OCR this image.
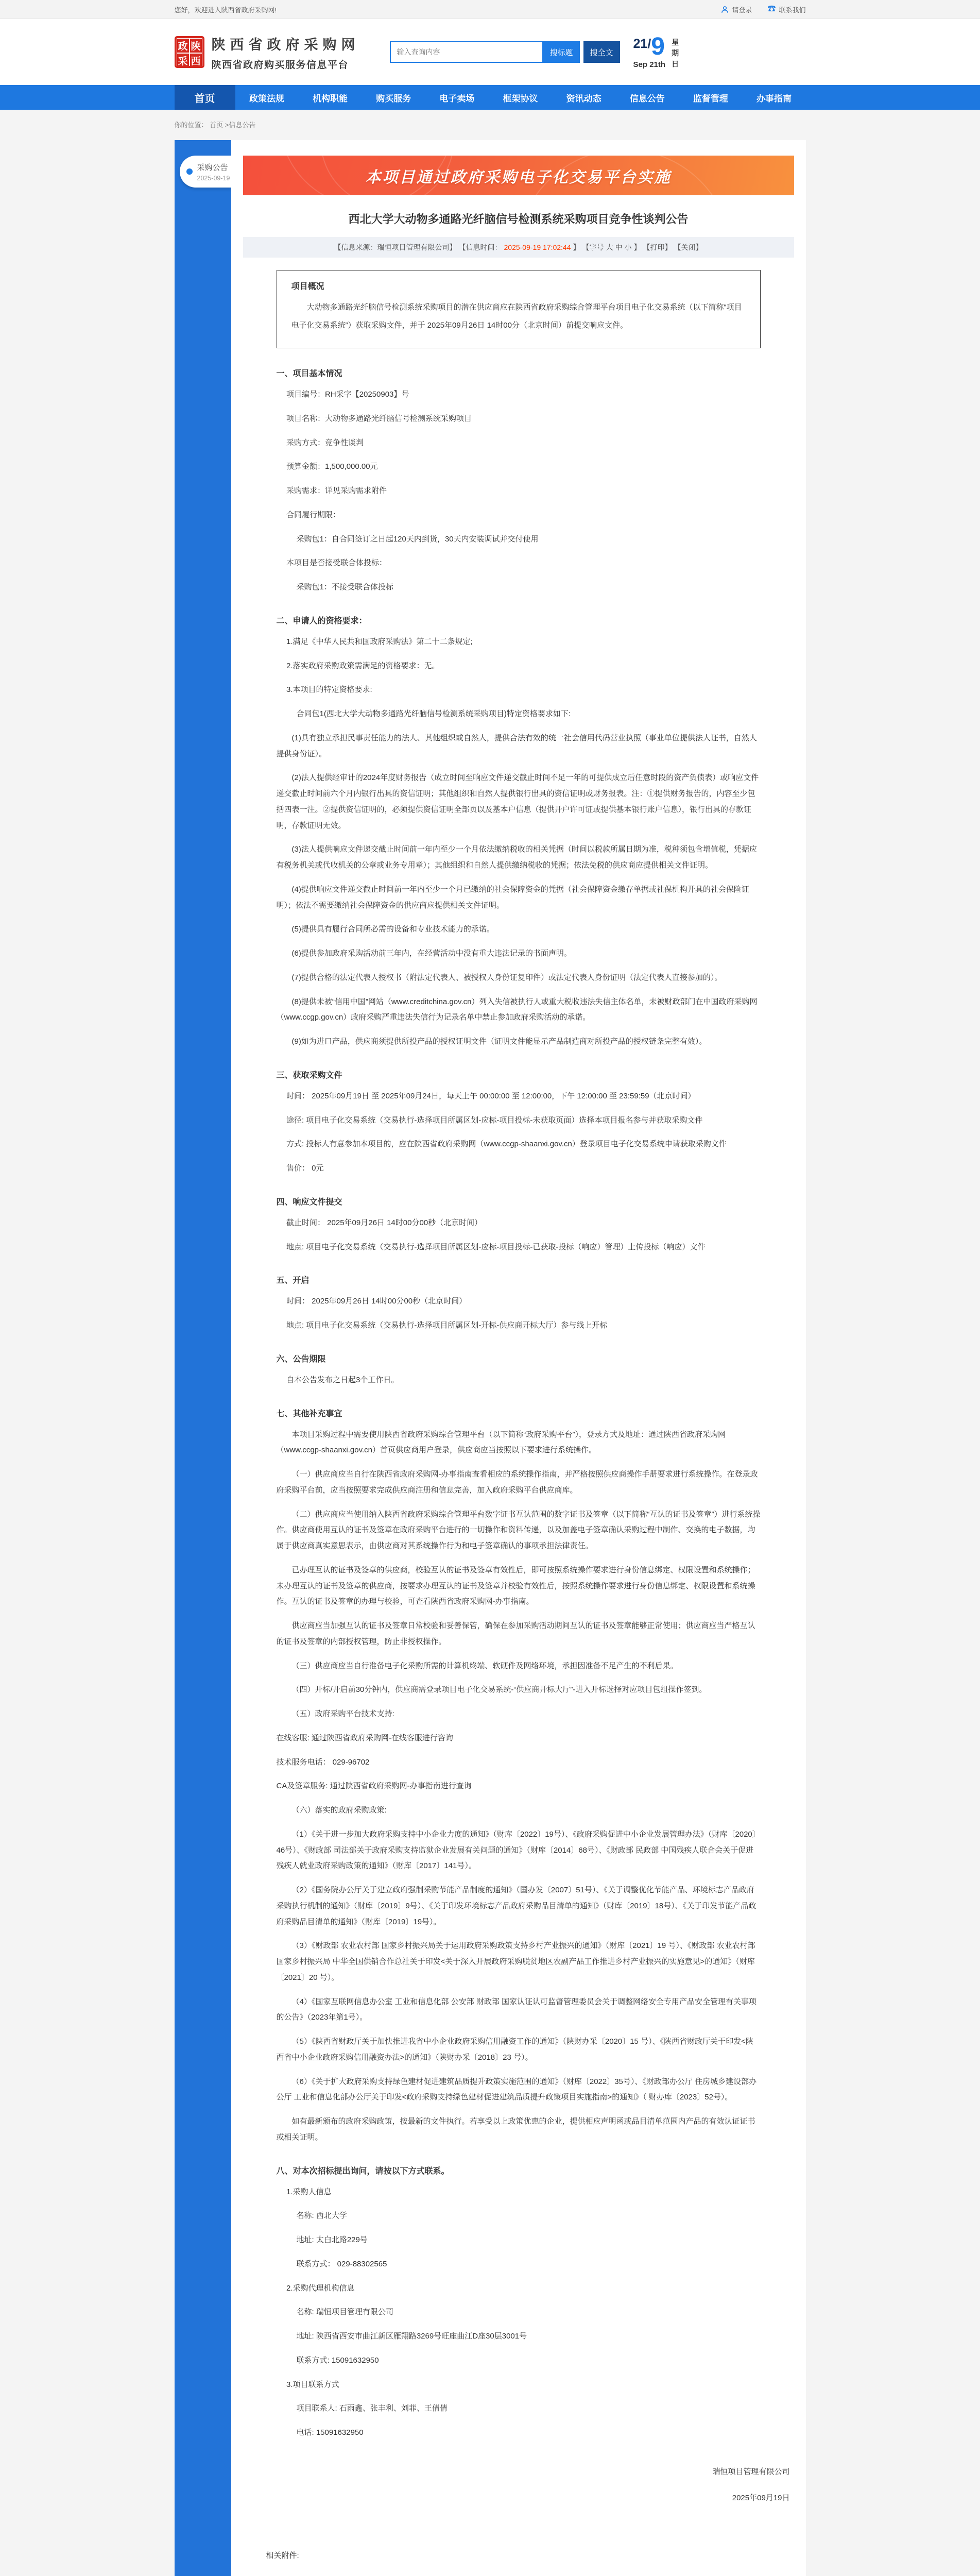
您好，欢迎进入陕西省政府采购网!	请登录 ☎ 联系我们
政 陕
采 西
陕西省政府采购网
陕西省政府购买服务信息平台
输入查询内容
搜标题	搜全文
21 / 9
Sep 21th
星期日
首页	政策法规	机构职能	购买服务	电子卖场	框架协议	资讯动态	信息公告	监督管理	办事指南
你的位置： 首页 >信息公告
采购公告
2025-09-19	本项目通过政府采购电子化交易平台实施
西北大学大动物多通路光纤脑信号检测系统采购项目竞争性谈判公告
【信息来源：瑞恒项目管理有限公司】 【信息时间： 2025-09-19 17:02:44 】 【字号 大 中 小 】 【打印】 【关闭】
项目概况

大动物多通路光纤脑信号检测系统采购项目的潜在供应商应在陕西省政府采购综合管理平台项目电子化交易系统（以下简称“项目电子化交易系统”）获取采购文件，并于 2025年09月26日 14时00分（北京时间）前提交响应文件。

一、项目基本情况

项目编号：RH采字【20250903】号

项目名称：大动物多通路光纤脑信号检测系统采购项目

采购方式：竞争性谈判

预算金额：1,500,000.00元

采购需求：详见采购需求附件

合同履行期限：

采购包1：自合同签订之日起120天内到货，30天内安装调试并交付使用

本项目是否接受联合体投标：

采购包1：不接受联合体投标

二、申请人的资格要求：

1.满足《中华人民共和国政府采购法》第二十二条规定;

2.落实政府采购政策需满足的资格要求：无。

3.本项目的特定资格要求:

合同包1(西北大学大动物多通路光纤脑信号检测系统采购项目)特定资格要求如下:

(1)具有独立承担民事责任能力的法人、其他组织或自然人，提供合法有效的统一社会信用代码营业执照（事业单位提供法人证书，自然人提供身份证）。

(2)法人提供经审计的2024年度财务报告（成立时间至响应文件递交截止时间不足一年的可提供成立后任意时段的资产负债表）或响应文件递交截止时间前六个月内银行出具的资信证明；其他组织和自然人提供银行出具的资信证明或财务报表。注：①提供财务报告的，内容至少包括四表一注。②提供资信证明的，必须提供资信证明全部页以及基本户信息（提供开户许可证或提供基本银行账户信息），银行出具的存款证明，存款证明无效。

(3)法人提供响应文件递交截止时间前一年内至少一个月依法缴纳税收的相关凭据（时间以税款所属日期为准，税种须包含增值税，凭据应有税务机关或代收机关的公章或业务专用章）；其他组织和自然人提供缴纳税收的凭据；依法免税的供应商应提供相关文件证明。

(4)提供响应文件递交截止时间前一年内至少一个月已缴纳的社会保障资金的凭据（社会保障资金缴存单据或社保机构开具的社会保险证明）；依法不需要缴纳社会保障资金的供应商应提供相关文件证明。

(5)提供具有履行合同所必需的设备和专业技术能力的承诺。

(6)提供参加政府采购活动前三年内，在经营活动中没有重大违法记录的书面声明。

(7)提供合格的法定代表人授权书（附法定代表人、被授权人身份证复印件）或法定代表人身份证明（法定代表人直接参加的）。

(8)提供未被“信用中国”网站（www.creditchina.gov.cn）列入失信被执行人或重大税收违法失信主体名单，未被财政部门在中国政府采购网（www.ccgp.gov.cn）政府采购严重违法失信行为记录名单中禁止参加政府采购活动的承诺。

(9)如为进口产品，供应商须提供所投产品的授权证明文件（证明文件能显示产品制造商对所投产品的授权链条完整有效）。

三、获取采购文件

时间： 2025年09月19日 至 2025年09月24日，每天上午 00:00:00 至 12:00:00，下午 12:00:00 至 23:59:59（北京时间）

途径: 项目电子化交易系统（交易执行-选择项目所属区划-应标-项目投标-未获取页面）选择本项目报名参与并获取采购文件

方式: 投标人有意参加本项目的，应在陕西省政府采购网（www.ccgp-shaanxi.gov.cn）登录项目电子化交易系统申请获取采购文件

售价： 0元

四、响应文件提交

截止时间： 2025年09月26日 14时00分00秒（北京时间）

地点: 项目电子化交易系统（交易执行-选择项目所属区划-应标-项目投标-已获取-投标（响应）管理）上传投标（响应）文件

五、开启

时间： 2025年09月26日 14时00分00秒（北京时间）

地点: 项目电子化交易系统（交易执行-选择项目所属区划-开标-供应商开标大厅）参与线上开标

六、公告期限

自本公告发布之日起3个工作日。

七、其他补充事宜

本项目采购过程中需要使用陕西省政府采购综合管理平台（以下简称“政府采购平台”），登录方式及地址：通过陕西省政府采购网（www.ccgp-shaanxi.gov.cn）首页供应商用户登录，供应商应当按照以下要求进行系统操作。

（一）供应商应当自行在陕西省政府采购网-办事指南查看相应的系统操作指南，并严格按照供应商操作手册要求进行系统操作。在登录政府采购平台前，应当按照要求完成供应商注册和信息完善，加入政府采购平台供应商库。

（二）供应商应当使用纳入陕西省政府采购综合管理平台数字证书互认范围的数字证书及签章（以下简称“互认的证书及签章”）进行系统操作。供应商使用互认的证书及签章在政府采购平台进行的一切操作和资料传递，以及加盖电子签章确认采购过程中制作、交换的电子数据，均属于供应商真实意思表示，由供应商对其系统操作行为和电子签章确认的事项承担法律责任。

已办理互认的证书及签章的供应商，校验互认的证书及签章有效性后，即可按照系统操作要求进行身份信息绑定、权限设置和系统操作；未办理互认的证书及签章的供应商，按要求办理互认的证书及签章并校验有效性后，按照系统操作要求进行身份信息绑定、权限设置和系统操作。互认的证书及签章的办理与校验，可查看陕西省政府采购网-办事指南。

供应商应当加强互认的证书及签章日常校验和妥善保管，确保在参加采购活动期间互认的证书及签章能够正常使用；供应商应当严格互认的证书及签章的内部授权管理，防止非授权操作。

（三）供应商应当自行准备电子化采购所需的计算机终端、软硬件及网络环境，承担因准备不足产生的不利后果。

（四）开标/开启前30分钟内，供应商需登录项目电子化交易系统-“供应商开标大厅”-进入开标选择对应项目包组操作签到。

（五）政府采购平台技术支持:

在线客服: 通过陕西省政府采购网-在线客服进行咨询

技术服务电话： 029-96702

CA及签章服务: 通过陕西省政府采购网-办事指南进行查询

（六）落实的政府采购政策:

（1）《关于进一步加大政府采购支持中小企业力度的通知》（财库〔2022〕19号）、《政府采购促进中小企业发展管理办法》（财库〔2020〕46号）、《财政部 司法部关于政府采购支持监狱企业发展有关问题的通知》（财库〔2014〕68号）、《财政部 民政部 中国残疾人联合会关于促进残疾人就业政府采购政策的通知》（财库〔2017〕141号）。

（2）《国务院办公厅关于建立政府强制采购节能产品制度的通知》（国办发〔2007〕51号）、《关于调整优化节能产品、环境标志产品政府采购执行机制的通知》（财库〔2019〕9号）、《关于印发环境标志产品政府采购品目清单的通知》（财库〔2019〕18号）、《关于印发节能产品政府采购品目清单的通知》（财库〔2019〕19号）。

（3）《财政部 农业农村部 国家乡村振兴局关于运用政府采购政策支持乡村产业振兴的通知》（财库〔2021〕19 号）、《财政部 农业农村部 国家乡村振兴局 中华全国供销合作总社关于印发<关于深入开展政府采购脱贫地区农副产品工作推进乡村产业振兴的实施意见>的通知》（财库〔2021〕20 号）。

（4）《国家互联网信息办公室 工业和信息化部 公安部 财政部 国家认证认可监督管理委员会关于调整网络安全专用产品安全管理有关事项的公告》（2023年第1号）。

（5）《陕西省财政厅关于加快推进我省中小企业政府采购信用融资工作的通知》（陕财办采〔2020〕15 号）、《陕西省财政厅关于印发<陕西省中小企业政府采购信用融资办法>的通知》（陕财办采〔2018〕23 号）。

（6）《关于扩大政府采购支持绿色建材促进建筑品质提升政策实施范围的通知》（财库〔2022〕35号）、《财政部办公厅 住房城乡建设部办公厅 工业和信息化部办公厅关于印发<政府采购支持绿色建材促进建筑品质提升政策项目实施指南>的通知》（ 财办库〔2023〕52号）。

如有最新颁布的政府采购政策，按最新的文件执行。若享受以上政策优惠的企业，提供相应声明函或品目清单范围内产品的有效认证证书或相关证明。

八、对本次招标提出询问，请按以下方式联系。

1.采购人信息

名称: 西北大学

地址: 太白北路229号

联系方式： 029-88302565

2.采购代理机构信息

名称: 瑞恒项目管理有限公司

地址: 陕西省西安市曲江新区雁翔路3269号旺座曲江D座30层3001号

联系方式: 15091632950

3.项目联系方式

项目联系人: 石雨鑫、张丰利、刘菲、王倩倩

电话: 15091632950

瑞恒项目管理有限公司
2025年09月19日
相关附件:
